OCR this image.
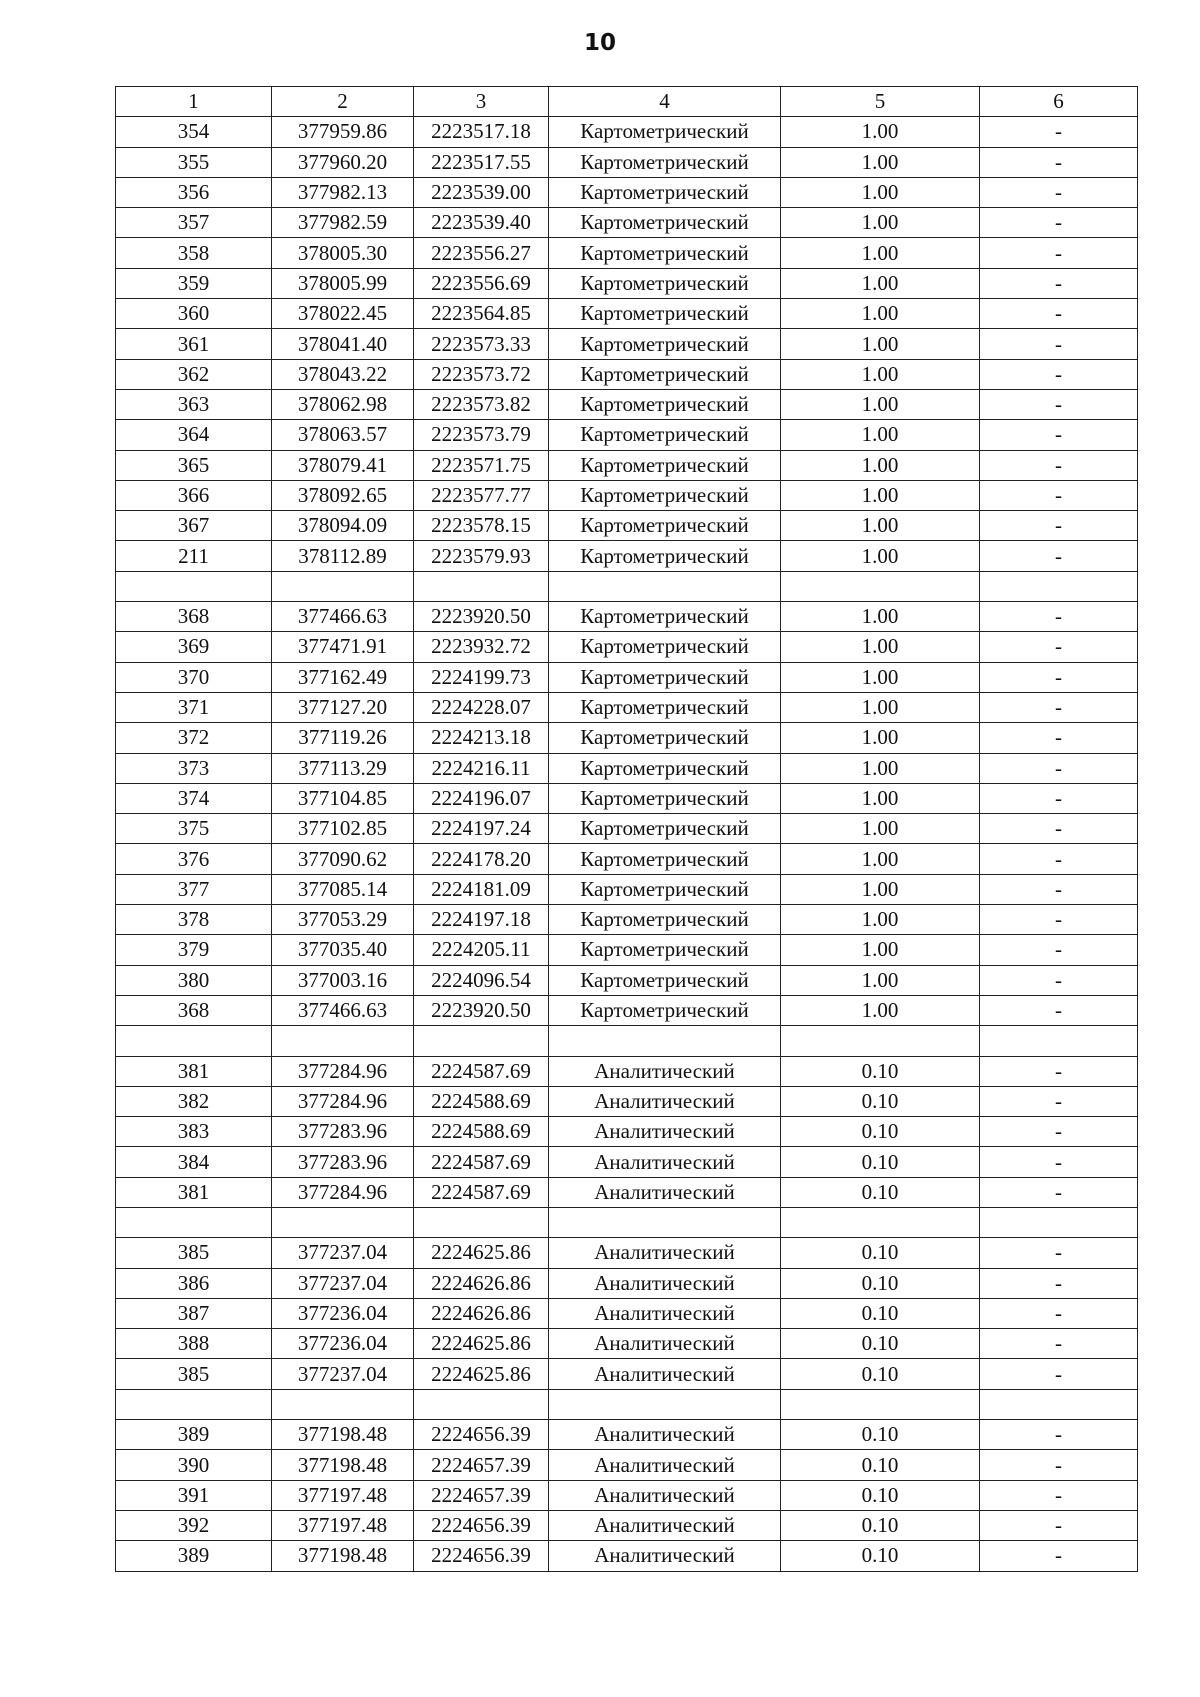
10
1	2	3	4	5	6
354	377959.86	2223517.18	Картометрический	1.00	-
355	377960.20	2223517.55	Картометрический	1.00	-
356	377982.13	2223539.00	Картометрический	1.00	-
357	377982.59	2223539.40	Картометрический	1.00	-
358	378005.30	2223556.27	Картометрический	1.00	-
359	378005.99	2223556.69	Картометрический	1.00	-
360	378022.45	2223564.85	Картометрический	1.00	-
361	378041.40	2223573.33	Картометрический	1.00	-
362	378043.22	2223573.72	Картометрический	1.00	-
363	378062.98	2223573.82	Картометрический	1.00	-
364	378063.57	2223573.79	Картометрический	1.00	-
365	378079.41	2223571.75	Картометрический	1.00	-
366	378092.65	2223577.77	Картометрический	1.00	-
367	378094.09	2223578.15	Картометрический	1.00	-
211	378112.89	2223579.93	Картометрический	1.00	-

368	377466.63	2223920.50	Картометрический	1.00	-
369	377471.91	2223932.72	Картометрический	1.00	-
370	377162.49	2224199.73	Картометрический	1.00	-
371	377127.20	2224228.07	Картометрический	1.00	-
372	377119.26	2224213.18	Картометрический	1.00	-
373	377113.29	2224216.11	Картометрический	1.00	-
374	377104.85	2224196.07	Картометрический	1.00	-
375	377102.85	2224197.24	Картометрический	1.00	-
376	377090.62	2224178.20	Картометрический	1.00	-
377	377085.14	2224181.09	Картометрический	1.00	-
378	377053.29	2224197.18	Картометрический	1.00	-
379	377035.40	2224205.11	Картометрический	1.00	-
380	377003.16	2224096.54	Картометрический	1.00	-
368	377466.63	2223920.50	Картометрический	1.00	-

381	377284.96	2224587.69	Аналитический	0.10	-
382	377284.96	2224588.69	Аналитический	0.10	-
383	377283.96	2224588.69	Аналитический	0.10	-
384	377283.96	2224587.69	Аналитический	0.10	-
381	377284.96	2224587.69	Аналитический	0.10	-

385	377237.04	2224625.86	Аналитический	0.10	-
386	377237.04	2224626.86	Аналитический	0.10	-
387	377236.04	2224626.86	Аналитический	0.10	-
388	377236.04	2224625.86	Аналитический	0.10	-
385	377237.04	2224625.86	Аналитический	0.10	-

389	377198.48	2224656.39	Аналитический	0.10	-
390	377198.48	2224657.39	Аналитический	0.10	-
391	377197.48	2224657.39	Аналитический	0.10	-
392	377197.48	2224656.39	Аналитический	0.10	-
389	377198.48	2224656.39	Аналитический	0.10	-
